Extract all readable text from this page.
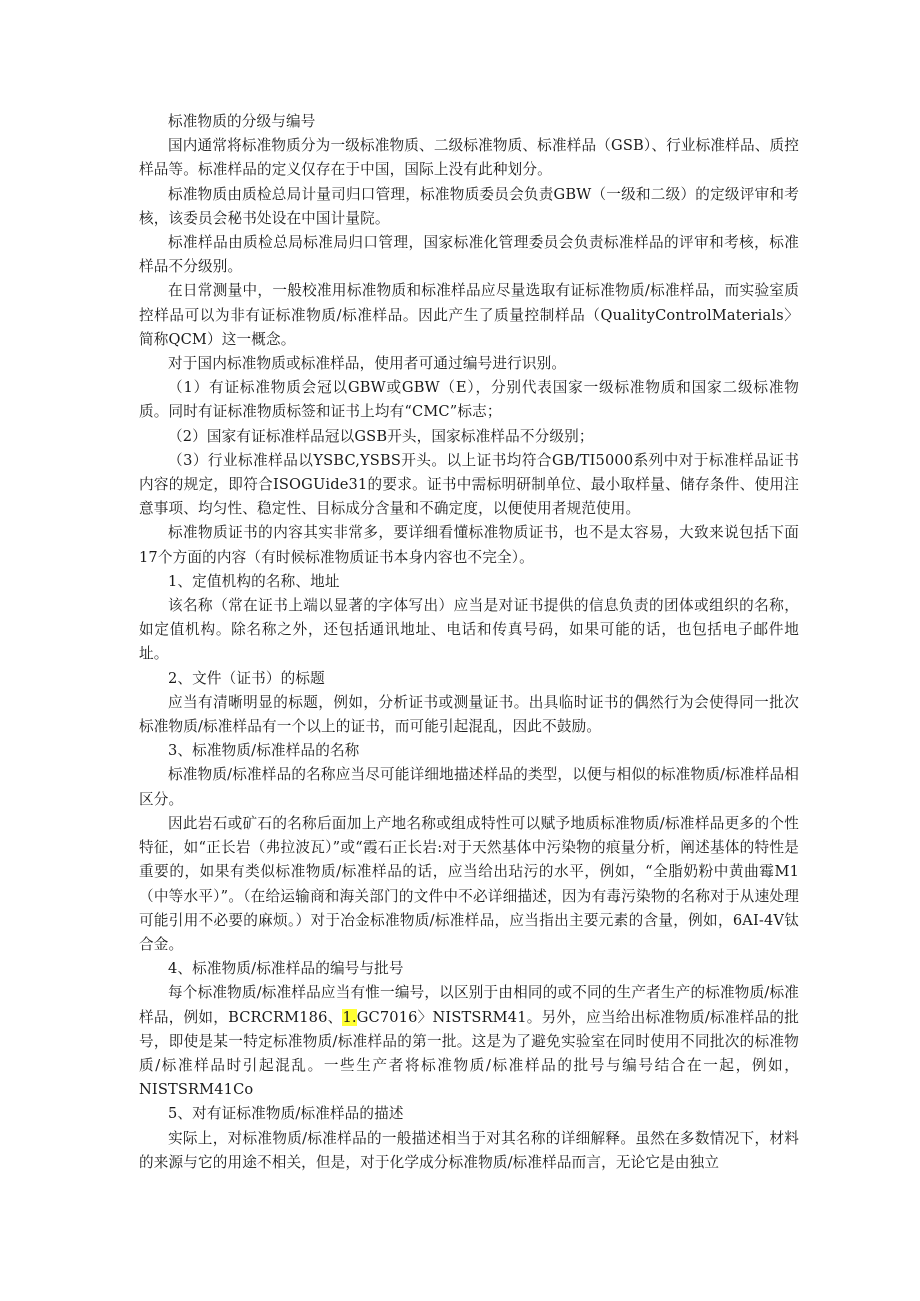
标准物质的分级与编号

国内通常将标准物质分为一级标准物质、二级标准物质、标准样品（GSB）、行业标准样品、质控样品等。标准样品的定义仅存在于中国，国际上没有此种划分。

标准物质由质检总局计量司归口管理，标准物质委员会负责GBW（一级和二级）的定级评审和考核，该委员会秘书处设在中国计量院。

标准样品由质检总局标准局归口管理，国家标准化管理委员会负责标准样品的评审和考核，标准样品不分级别。

在日常测量中，一般校准用标准物质和标准样品应尽量选取有证标准物质/标准样品，而实验室质控样品可以为非有证标准物质/标准样品。因此产生了质量控制样品（QualityControlMaterials〉简称QCM）这一概念。

对于国内标准物质或标准样品，使用者可通过编号进行识别。

（1）有证标准物质会冠以GBW或GBW（E），分别代表国家一级标准物质和国家二级标准物质。同时有证标准物质标签和证书上均有“CMC”标志；

（2）国家有证标准样品冠以GSB开头，国家标准样品不分级别；

（3）行业标准样品以YSBC,YSBS开头。以上证书均符合GB/TI5000系列中对于标准样品证书内容的规定，即符合ISOGUide31的要求。证书中需标明研制单位、最小取样量、储存条件、使用注意事项、均匀性、稳定性、目标成分含量和不确定度，以便使用者规范使用。

标准物质证书的内容其实非常多，要详细看懂标准物质证书，也不是太容易，大致来说包括下面17个方面的内容（有时候标准物质证书本身内容也不完全）。

1、定值机构的名称、地址

该名称（常在证书上端以显著的字体写出）应当是对证书提供的信息负责的团体或组织的名称，如定值机构。除名称之外，还包括通讯地址、电话和传真号码，如果可能的话，也包括电子邮件地址。

2、文件（证书）的标题

应当有清晰明显的标题，例如，分析证书或测量证书。出具临时证书的偶然行为会使得同一批次标准物质/标准样品有一个以上的证书，而可能引起混乱，因此不鼓励。

3、标准物质/标准样品的名称

标准物质/标准样品的名称应当尽可能详细地描述样品的类型，以便与相似的标准物质/标准样品相区分。

因此岩石或矿石的名称后面加上产地名称或组成特性可以赋予地质标准物质/标准样品更多的个性特征，如“正长岩（弗拉波瓦）”或“霞石正长岩:对于天然基体中污染物的痕量分析，阐述基体的特性是重要的，如果有类似标准物质/标准样品的话，应当给出玷污的水平，例如，“全脂奶粉中黄曲霉M1（中等水平）”。（在给运输商和海关部门的文件中不必详细描述，因为有毒污染物的名称对于从速处理可能引用不必要的麻烦。）对于冶金标准物质/标准样品，应当指出主要元素的含量，例如，6AI-4V钛合金。

4、标准物质/标准样品的编号与批号

每个标准物质/标准样品应当有惟一编号，以区别于由相同的或不同的生产者生产的标准物质/标准样品，例如，BCRCRM186、1.GC7016〉NISTSRM41。另外，应当给出标准物质/标准样品的批号，即使是某一特定标准物质/标准样品的第一批。这是为了避免实验室在同时使用不同批次的标准物质/标准样品时引起混乱。一些生产者将标准物质/标准样品的批号与编号结合在一起，例如，NISTSRM41Co

5、对有证标准物质/标准样品的描述

实际上，对标准物质/标准样品的一般描述相当于对其名称的详细解释。虽然在多数情况下，材料的来源与它的用途不相关，但是，对于化学成分标准物质/标准样品而言，无论它是由独立
